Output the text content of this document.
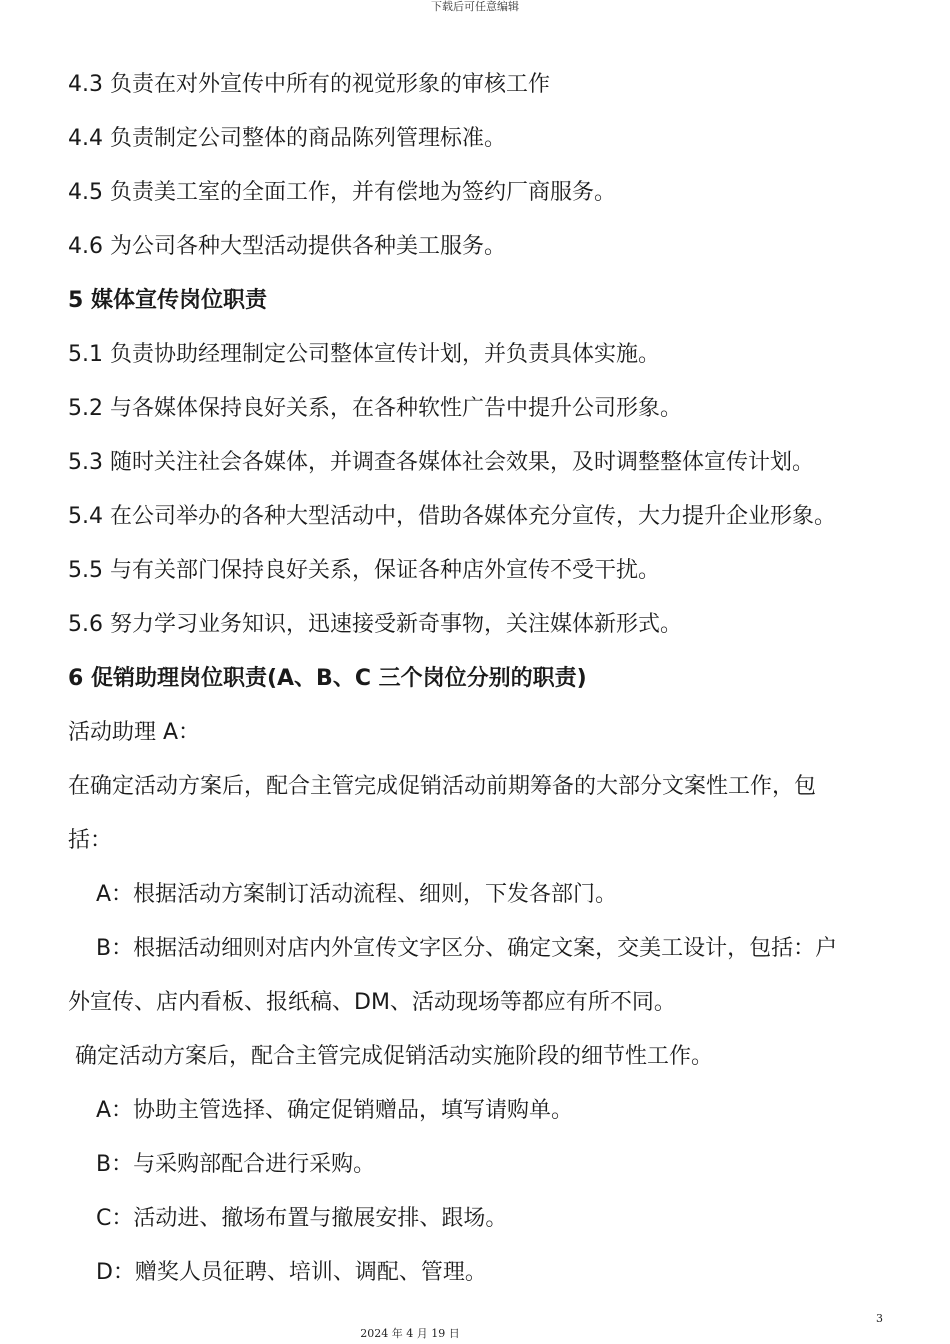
下载后可任意编辑
4.3 负责在对外宣传中所有的视觉形象的审核工作
4.4 负责制定公司整体的商品陈列管理标准。
4.5 负责美工室的全面工作，并有偿地为签约厂商服务。
4.6 为公司各种大型活动提供各种美工服务。
5 媒体宣传岗位职责
5.1 负责协助经理制定公司整体宣传计划，并负责具体实施。
5.2 与各媒体保持良好关系，在各种软性广告中提升公司形象。
5.3 随时关注社会各媒体，并调查各媒体社会效果，及时调整整体宣传计划。
5.4 在公司举办的各种大型活动中，借助各媒体充分宣传，大力提升企业形象。
5.5 与有关部门保持良好关系，保证各种店外宣传不受干扰。
5.6 努力学习业务知识，迅速接受新奇事物，关注媒体新形式。
6 促销助理岗位职责(A、B、C 三个岗位分别的职责)
活动助理 A：
在确定活动方案后，配合主管完成促销活动前期筹备的大部分文案性工作，包
括：
A：根据活动方案制订活动流程、细则，下发各部门。
B：根据活动细则对店内外宣传文字区分、确定文案，交美工设计，包括：户
外宣传、店内看板、报纸稿、DM、活动现场等都应有所不同。
确定活动方案后，配合主管完成促销活动实施阶段的细节性工作。
A：协助主管选择、确定促销赠品，填写请购单。
B：与采购部配合进行采购。
C：活动进、撤场布置与撤展安排、跟场。
D：赠奖人员征聘、培训、调配、管理。
3
2024 年 4 月 19 日
